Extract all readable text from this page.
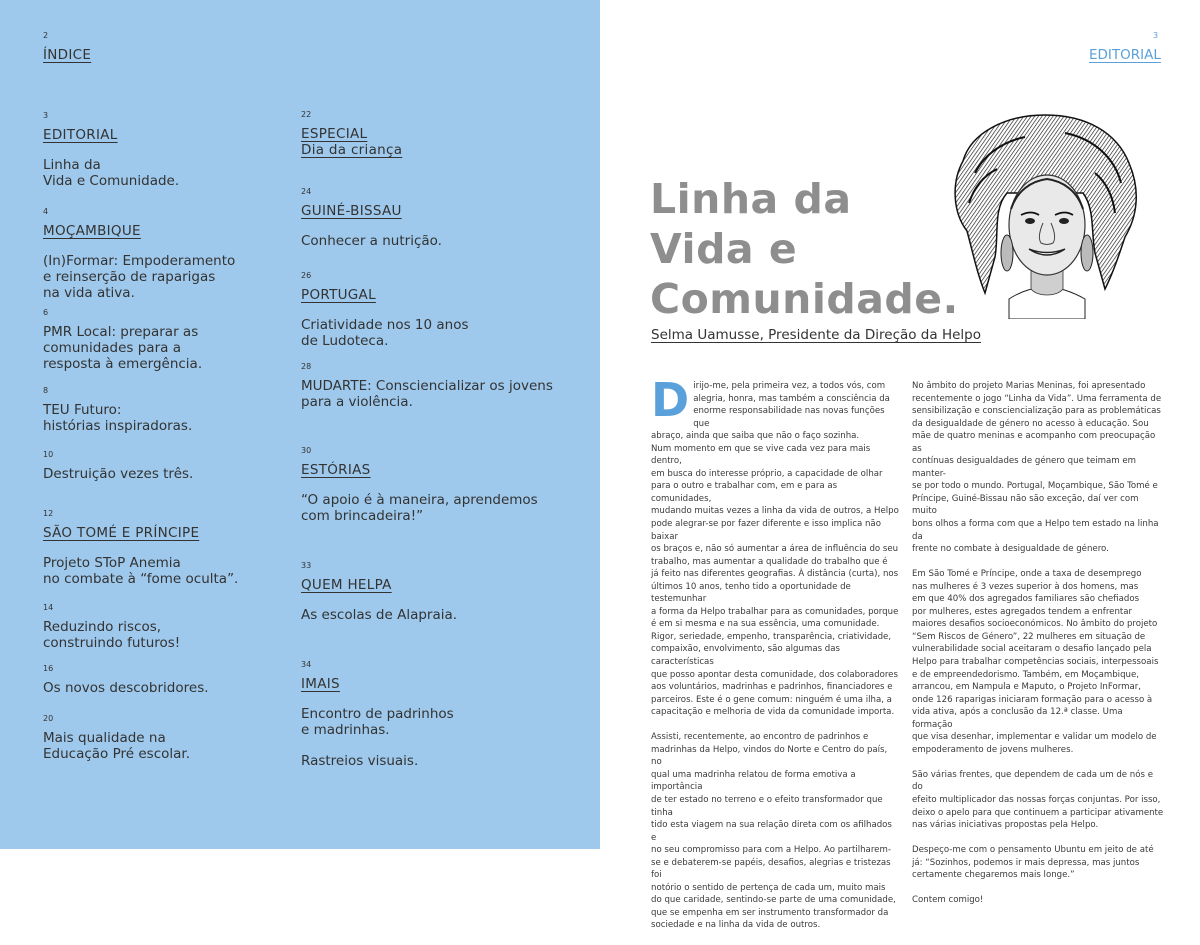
2
ÍNDICE
3
EDITORIAL
Linha da
Vida e Comunidade.
4
MOÇAMBIQUE
(In)Formar: Empoderamento
e reinserção de raparigas
na vida ativa.
6
PMR Local: preparar as
comunidades para a
resposta à emergência.
8
TEU Futuro:
histórias inspiradoras.
10
Destruição vezes três.
12
SÃO TOMÉ E PRÍNCIPE
Projeto SToP Anemia
no combate à “fome oculta”.
14
Reduzindo riscos,
construindo futuros!
16
Os novos descobridores.
20
Mais qualidade na
Educação Pré escolar.
22
ESPECIAL
Dia da criança
24
GUINÉ-BISSAU
Conhecer a nutrição.
26
PORTUGAL
Criatividade nos 10 anos
de Ludoteca.
28
MUDARTE: Consciencializar os jovens
para a violência.
30
ESTÓRIAS
“O apoio é à maneira, aprendemos
com brincadeira!”
33
QUEM HELPA
As escolas de Alapraia.
34
IMAIS
Encontro de padrinhos
e madrinhas.
Rastreios visuais.
3
EDITORIAL
Linha da
Vida e
Comunidade.
Selma Uamusse, Presidente da Direção da Helpo
D irijo-me, pela primeira vez, a todos vós, com
alegria, honra, mas também a consciência da
enorme responsabilidade nas novas funções que
abraço, ainda que saiba que não o faço sozinha.
Num momento em que se vive cada vez para mais dentro,
em busca do interesse próprio, a capacidade de olhar
para o outro e trabalhar com, em e para as comunidades,
mudando muitas vezes a linha da vida de outros, a Helpo
pode alegrar-se por fazer diferente e isso implica não baixar
os braços e, não só aumentar a área de influência do seu
trabalho, mas aumentar a qualidade do trabalho que é
já feito nas diferentes geografias. À distância (curta), nos
últimos 10 anos, tenho tido a oportunidade de testemunhar
a forma da Helpo trabalhar para as comunidades, porque
é em si mesma e na sua essência, uma comunidade.
Rigor, seriedade, empenho, transparência, criatividade,
compaixão, envolvimento, são algumas das características
que posso apontar desta comunidade, dos colaboradores
aos voluntários, madrinhas e padrinhos, financiadores e
parceiros. Este é o gene comum: ninguém é uma ilha, a
capacitação e melhoria de vida da comunidade importa.

Assisti, recentemente, ao encontro de padrinhos e
madrinhas da Helpo, vindos do Norte e Centro do país, no
qual uma madrinha relatou de forma emotiva a importância
de ter estado no terreno e o efeito transformador que tinha
tido esta viagem na sua relação direta com os afilhados e
no seu compromisso para com a Helpo. Ao partilharem-
se e debaterem-se papéis, desafios, alegrias e tristezas foi
notório o sentido de pertença de cada um, muito mais
do que caridade, sentindo-se parte de uma comunidade,
que se empenha em ser instrumento transformador da
sociedade e na linha da vida de outros.

No âmbito do projeto Marias Meninas, foi apresentado
recentemente o jogo “Linha da Vida”. Uma ferramenta de
sensibilização e consciencialização para as problemáticas
da desigualdade de género no acesso à educação. Sou
mãe de quatro meninas e acompanho com preocupação as
contínuas desigualdades de género que teimam em manter-
se por todo o mundo. Portugal, Moçambique, São Tomé e
Príncipe, Guiné-Bissau não são exceção, daí ver com muito
bons olhos a forma com que a Helpo tem estado na linha da
frente no combate à desigualdade de género.

Em São Tomé e Príncipe, onde a taxa de desemprego
nas mulheres é 3 vezes superior à dos homens, mas
em que 40% dos agregados familiares são chefiados
por mulheres, estes agregados tendem a enfrentar
maiores desafios socioeconómicos. No âmbito do projeto
“Sem Riscos de Género”, 22 mulheres em situação de
vulnerabilidade social aceitaram o desafio lançado pela
Helpo para trabalhar competências sociais, interpessoais
e de empreendedorismo. Também, em Moçambique,
arrancou, em Nampula e Maputo, o Projeto InFormar,
onde 126 raparigas iniciaram formação para o acesso à
vida ativa, após a conclusão da 12.ª classe. Uma formação
que visa desenhar, implementar e validar um modelo de
empoderamento de jovens mulheres.

São várias frentes, que dependem de cada um de nós e do
efeito multiplicador das nossas forças conjuntas. Por isso,
deixo o apelo para que continuem a participar ativamente
nas várias iniciativas propostas pela Helpo.

Despeço-me com o pensamento Ubuntu em jeito de até
já: “Sozinhos, podemos ir mais depressa, mas juntos
certamente chegaremos mais longe.”

Contem comigo!
